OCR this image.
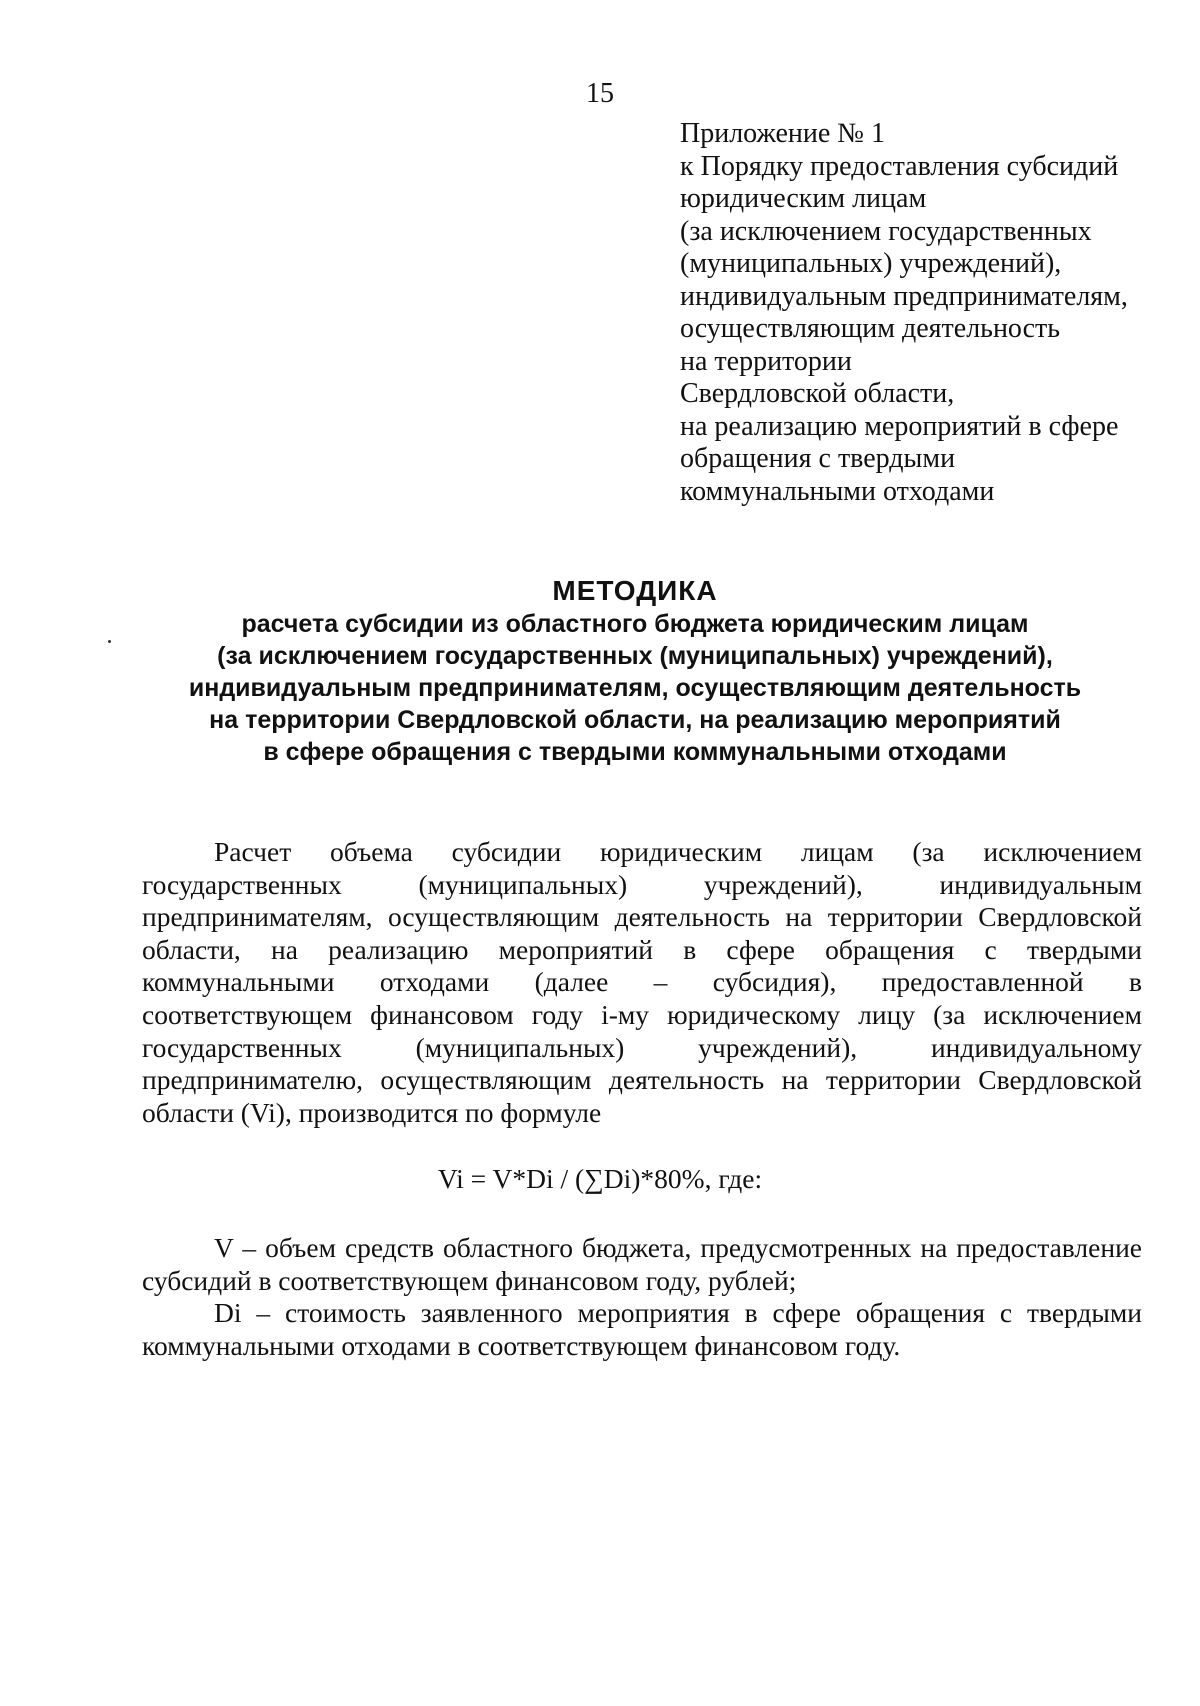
15
Приложение № 1
к Порядку предоставления субсидий
юридическим лицам
(за исключением государственных
(муниципальных) учреждений),
индивидуальным предпринимателям,
осуществляющим деятельность
на территории
Свердловской области,
на реализацию мероприятий в сфере
обращения с твердыми
коммунальными отходами
МЕТОДИКА
расчета субсидии из областного бюджета юридическим лицам
(за исключением государственных (муниципальных) учреждений),
индивидуальным предпринимателям, осуществляющим деятельность
на территории Свердловской области, на реализацию мероприятий
в сфере обращения с твердыми коммунальными отходами
Расчет объема субсидии юридическим лицам (за исключением
государственных (муниципальных) учреждений), индивидуальным
предпринимателям, осуществляющим деятельность на территории Свердловской
области, на реализацию мероприятий в сфере обращения с твердыми
коммунальными отходами (далее – субсидия), предоставленной в
соответствующем финансовом году i-му юридическому лицу (за исключением
государственных (муниципальных) учреждений), индивидуальному
предпринимателю, осуществляющим деятельность на территории Свердловской
области (Vi), производится по формуле
Vi = V*Di / (∑Di)*80%, где:
V – объем средств областного бюджета, предусмотренных на предоставление
субсидий в соответствующем финансовом году, рублей;
Di – стоимость заявленного мероприятия в сфере обращения с твердыми
коммунальными отходами в соответствующем финансовом году.
